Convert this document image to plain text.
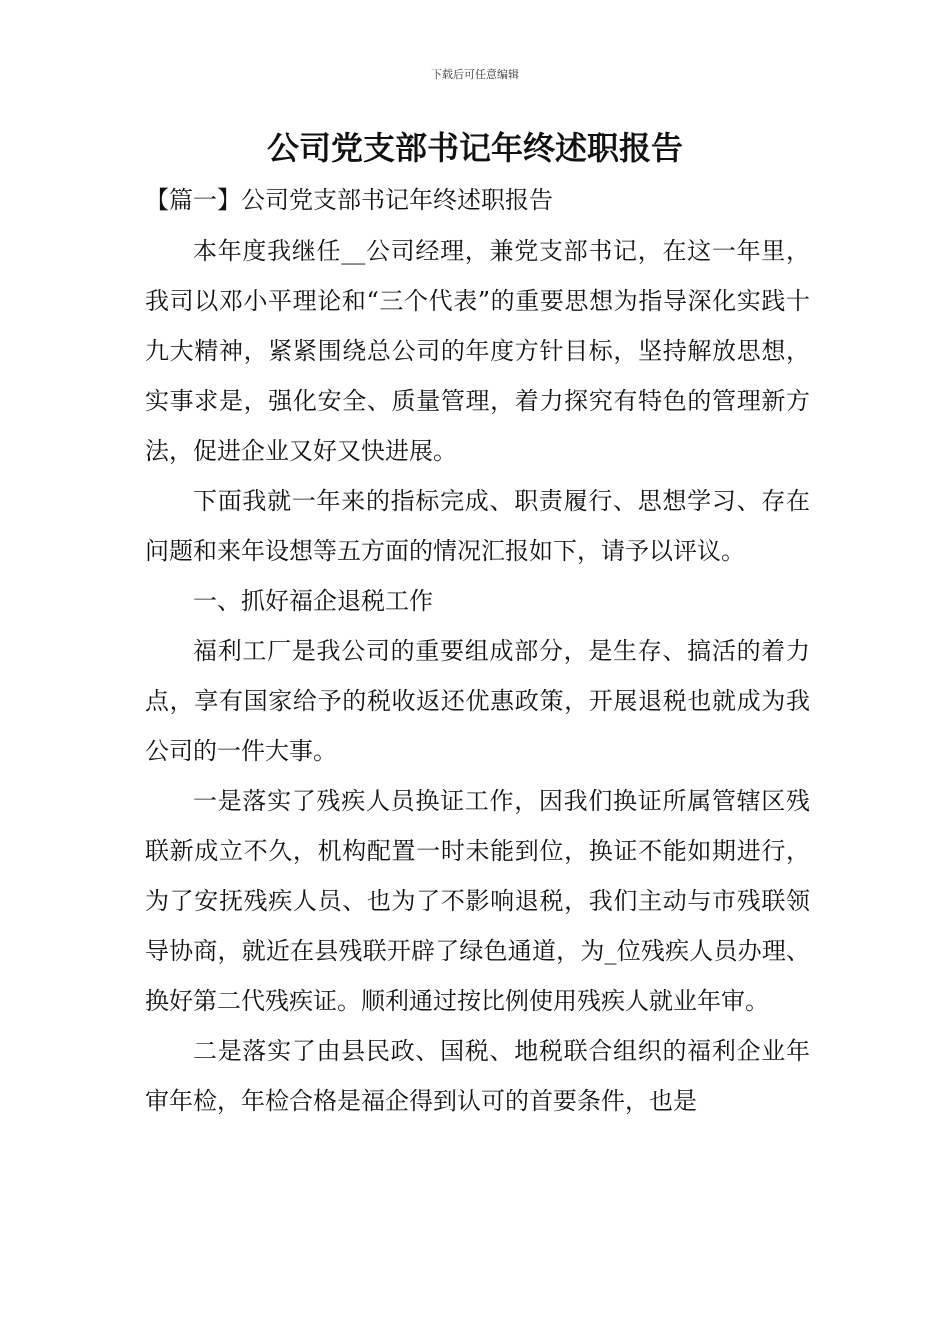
下载后可任意编辑
公司党支部书记年终述职报告

【篇一】公司党支部书记年终述职报告

本年度我继任__公司经理，兼党支部书记，在这一年里，我司以邓小平理论和“三个代表”的重要思想为指导深化实践十九大精神，紧紧围绕总公司的年度方针目标，坚持解放思想，实事求是，强化安全、质量管理，着力探究有特色的管理新方法，促进企业又好又快进展。

下面我就一年来的指标完成、职责履行、思想学习、存在问题和来年设想等五方面的情况汇报如下，请予以评议。

一、抓好福企退税工作

福利工厂是我公司的重要组成部分，是生存、搞活的着力点，享有国家给予的税收返还优惠政策，开展退税也就成为我公司的一件大事。

一是落实了残疾人员换证工作，因我们换证所属管辖区残联新成立不久，机构配置一时未能到位，换证不能如期进行，为了安抚残疾人员、也为了不影响退税，我们主动与市残联领导协商，就近在县残联开辟了绿色通道，为_位残疾人员办理、换好第二代残疾证。顺利通过按比例使用残疾人就业年审。

二是落实了由县民政、国税、地税联合组织的福利企业年审年检，年检合格是福企得到认可的首要条件，也是
